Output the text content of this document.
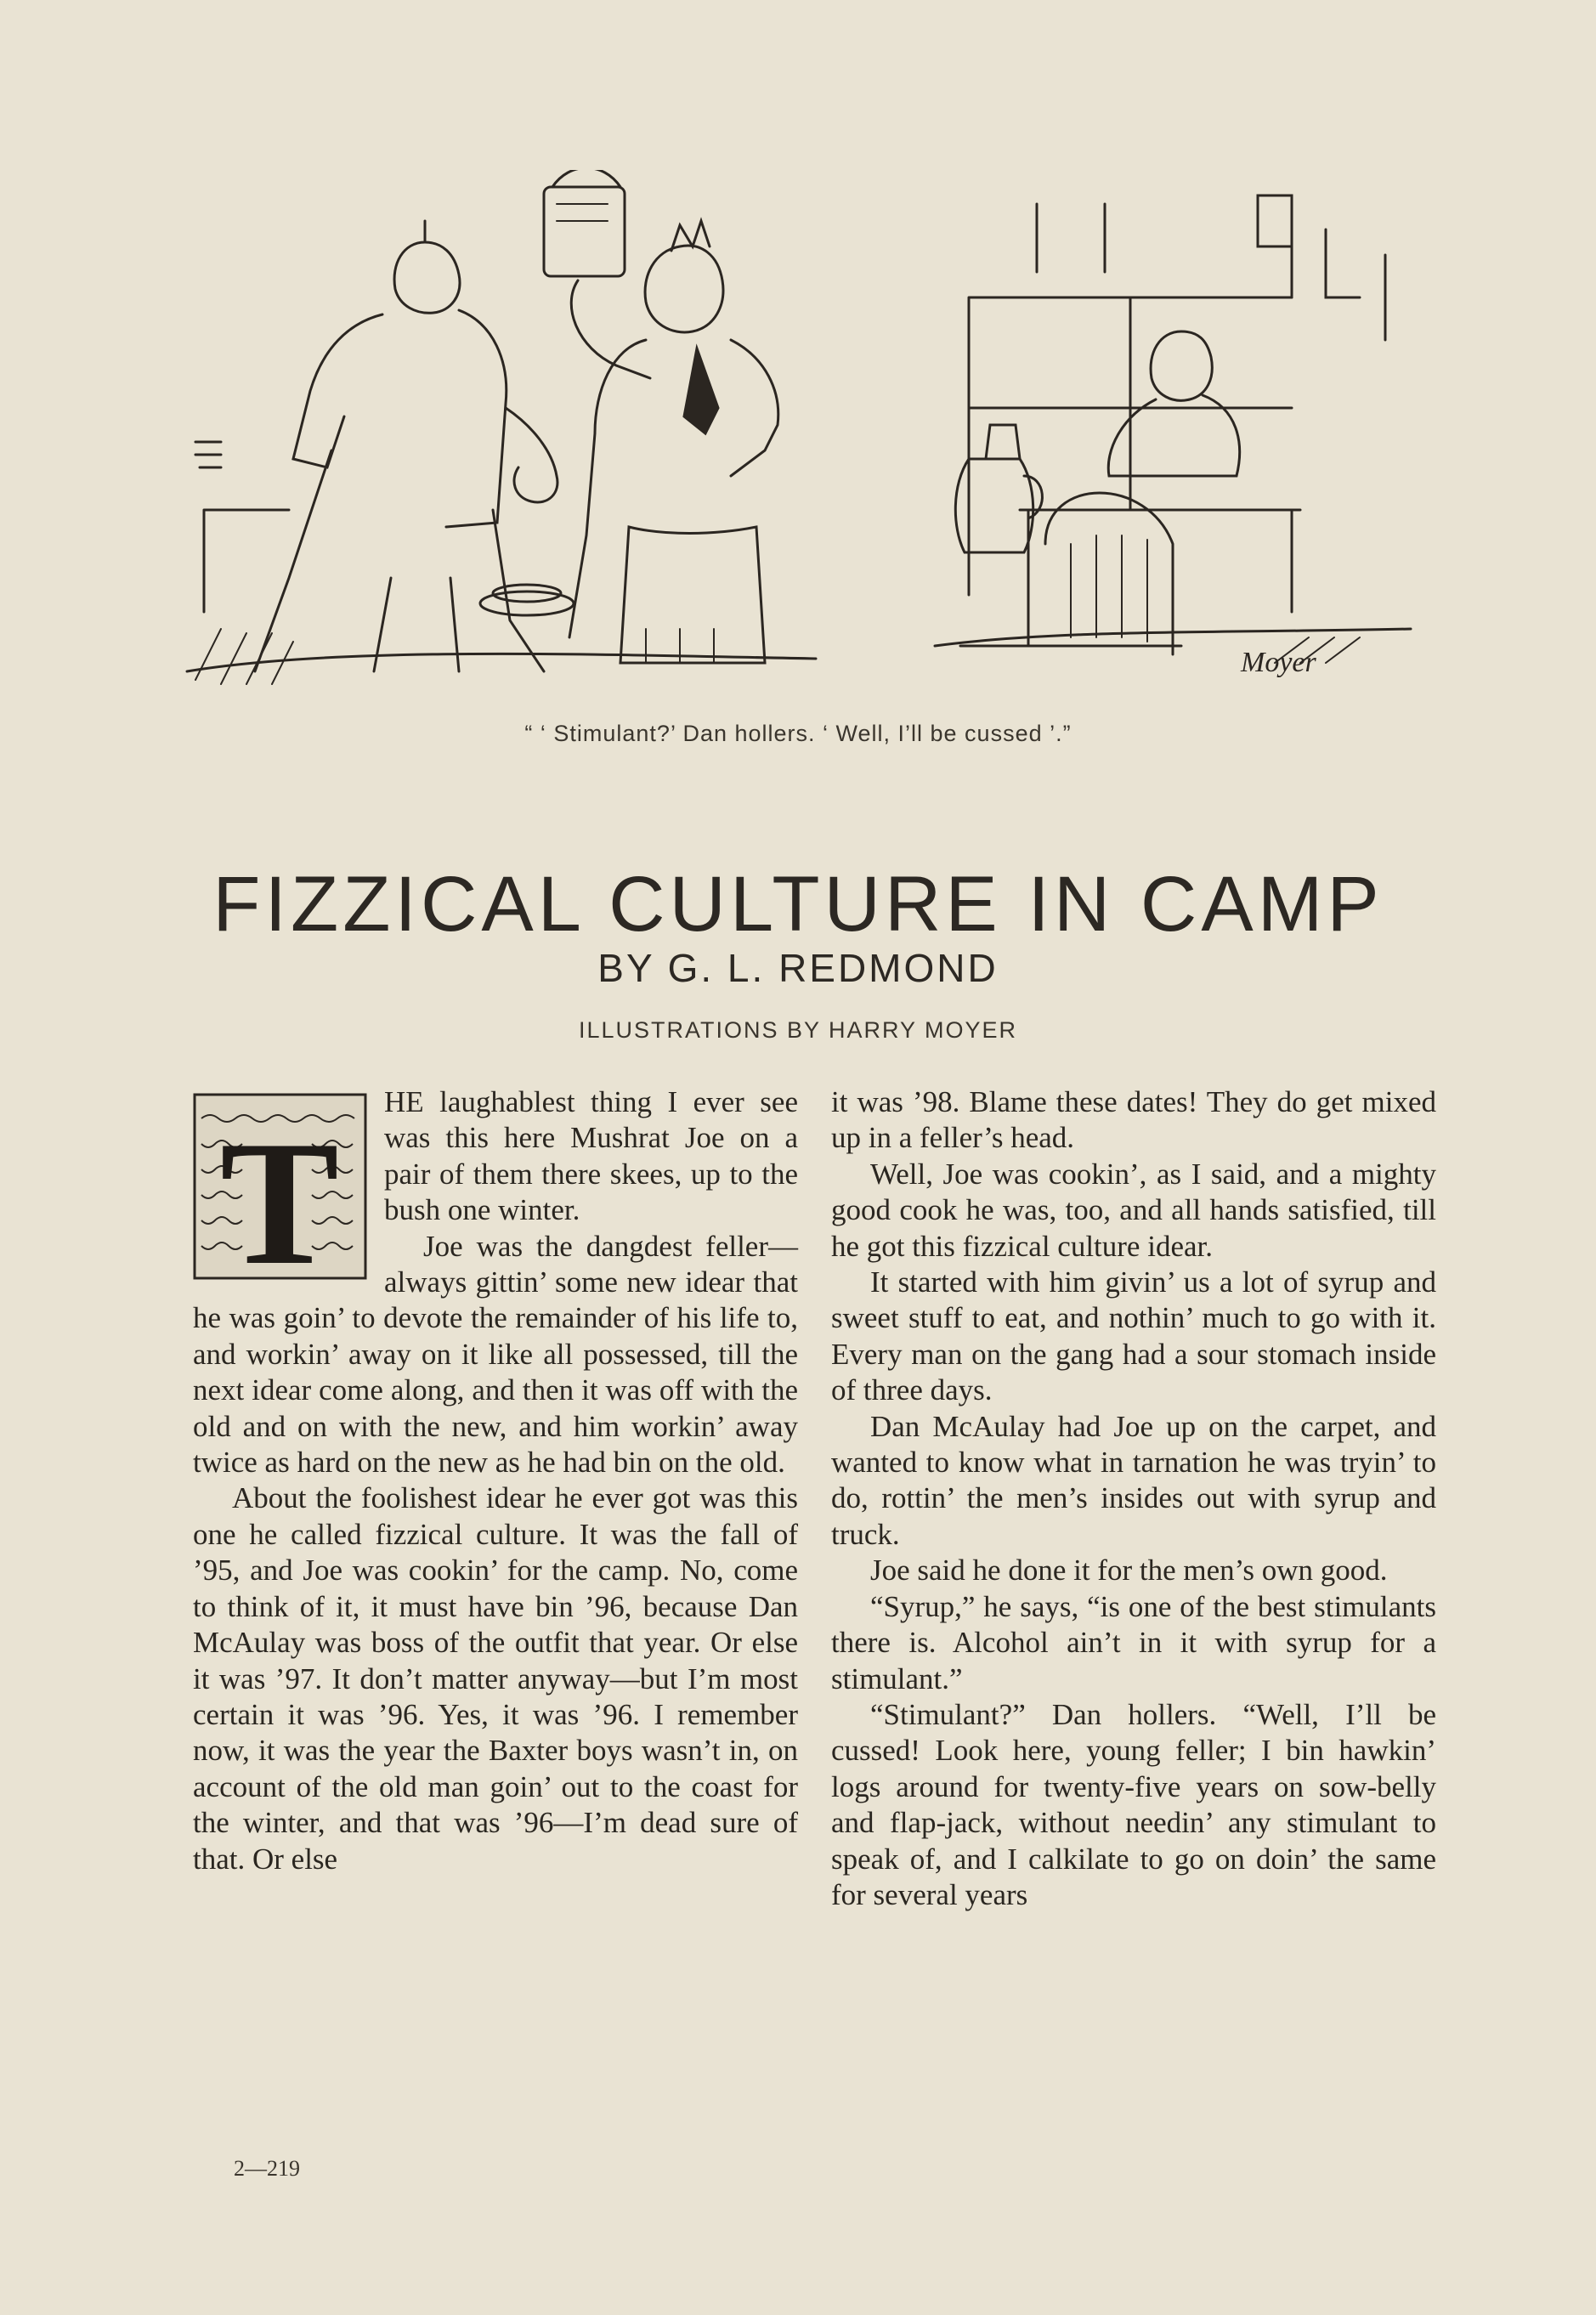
Moyer
“ ‘ Stimulant?’ Dan hollers. ‘ Well, I’ll be cussed ’.”
FIZZICAL CULTURE IN CAMP
BY G. L. REDMOND
ILLUSTRATIONS BY HARRY MOYER
T

HE laughablest thing I ever see was this here Mushrat Joe on a pair of them there skees, up to the bush one winter.

Joe was the dangdest feller—always gittin’ some new idear that he was goin’ to devote the remainder of his life to, and workin’ away on it like all possessed, till the next idear come along, and then it was off with the old and on with the new, and him workin’ away twice as hard on the new as he had bin on the old.

About the foolishest idear he ever got was this one he called fizzical culture. It was the fall of ’95, and Joe was cookin’ for the camp. No, come to think of it, it must have bin ’96, because Dan McAulay was boss of the outfit that year. Or else it was ’97. It don’t matter anyway—but I’m most certain it was ’96. Yes, it was ’96. I remember now, it was the year the Baxter boys wasn’t in, on account of the old man goin’ out to the coast for the winter, and that was ’96—I’m dead sure of that. Or else

it was ’98. Blame these dates! They do get mixed up in a feller’s head.

Well, Joe was cookin’, as I said, and a mighty good cook he was, too, and all hands satisfied, till he got this fizzical culture idear.

It started with him givin’ us a lot of syrup and sweet stuff to eat, and nothin’ much to go with it. Every man on the gang had a sour stomach inside of three days.

Dan McAulay had Joe up on the carpet, and wanted to know what in tarnation he was tryin’ to do, rottin’ the men’s insides out with syrup and truck.

Joe said he done it for the men’s own good.

“Syrup,” he says, “is one of the best stimulants there is. Alcohol ain’t in it with syrup for a stimulant.”

“Stimulant?” Dan hollers. “Well, I’ll be cussed! Look here, young feller; I bin hawkin’ logs around for twenty-five years on sow-belly and flap-jack, without needin’ any stimulant to speak of, and I calkilate to go on doin’ the same for several years

2—219
